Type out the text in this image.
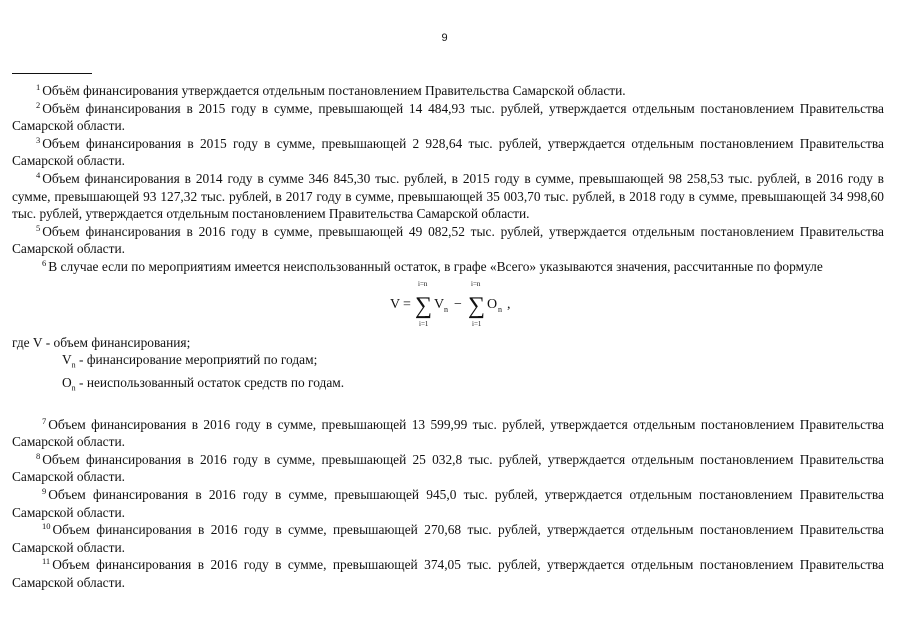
9

$^1$ Объём финансирования утверждается отдельным постановлением Правительства Самарской области.

$^2$ Объём финансирования в 2015 году в сумме, превышающей 14 484,93 тыс. рублей, утверждается отдельным постановлением Правительства Самарской области.

$^3$ Объем финансирования в 2015 году в сумме, превышающей 2 928,64 тыс. рублей, утверждается отдельным постановлением Правительства Самарской области.

$^4$ Объем финансирования в 2014 году в сумме 346 845,30 тыс. рублей, в 2015 году в сумме, превышающей 98 258,53 тыс. рублей, в 2016 году в сумме, превышающей 93 127,32 тыс. рублей, в 2017 году в сумме, превышающей 35 003,70 тыс. рублей, в 2018 году в сумме, превышающей 34 998,60 тыс. рублей, утверждается отдельным постановлением Правительства Самарской области.

$^5$ Объем финансирования в 2016 году в сумме, превышающей 49 082,52 тыс. рублей, утверждается отдельным постановлением Правительства Самарской области.

$^6$ В случае если по мероприятиям имеется неиспользованный остаток, в графе «Всего» указываются значения, рассчитанные по формуле

V =
i=n
∑
i=1
V n −
i=n
∑
i=1
O n ,

где V - объем финансирования;

$V_n$ - финансирование мероприятий по годам;

$O_n$ - неиспользованный остаток средств по годам.

$^7$ Объем финансирования в 2016 году в сумме, превышающей 13 599,99 тыс. рублей, утверждается отдельным постановлением Правительства Самарской области.

$^8$ Объем финансирования в 2016 году в сумме, превышающей 25 032,8 тыс. рублей, утверждается отдельным постановлением Правительства Самарской области.

$^9$ Объем финансирования в 2016 году в сумме, превышающей 945,0 тыс. рублей, утверждается отдельным постановлением Правительства Самарской области.

$^{10}$ Объем финансирования в 2016 году в сумме, превышающей 270,68 тыс. рублей, утверждается отдельным постановлением Правительства Самарской области.

$^{11}$ Объем финансирования в 2016 году в сумме, превышающей 374,05 тыс. рублей, утверждается отдельным постановлением Правительства Самарской области.
